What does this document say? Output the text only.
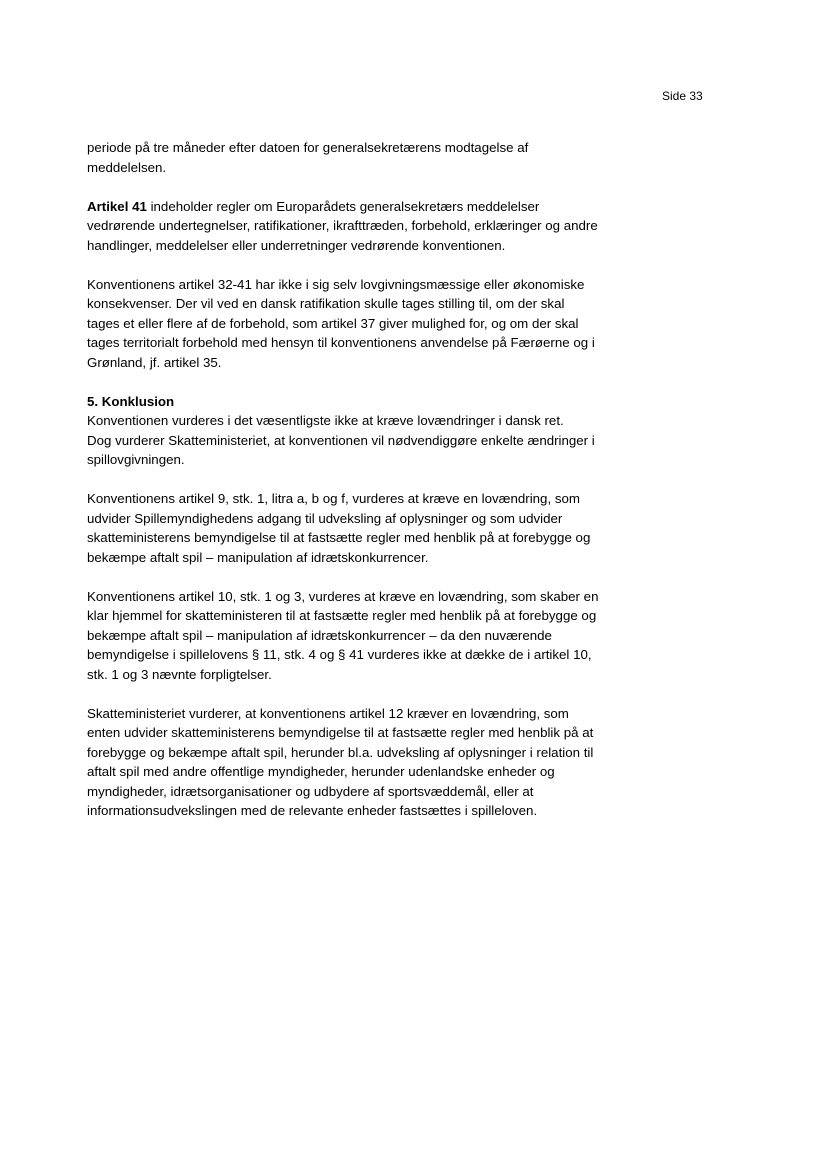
Side 33

periode på tre måneder efter datoen for generalsekretærens modtagelse af
meddelelsen.

Artikel 41 indeholder regler om Europarådets generalsekretærs meddelelser
vedrørende undertegnelser, ratifikationer, ikrafttræden, forbehold, erklæringer og andre
handlinger, meddelelser eller underretninger vedrørende konventionen.

Konventionens artikel 32-41 har ikke i sig selv lovgivningsmæssige eller økonomiske
konsekvenser. Der vil ved en dansk ratifikation skulle tages stilling til, om der skal
tages et eller flere af de forbehold, som artikel 37 giver mulighed for, og om der skal
tages territorialt forbehold med hensyn til konventionens anvendelse på Færøerne og i
Grønland, jf. artikel 35.

5. Konklusion
Konventionen vurderes i det væsentligste ikke at kræve lovændringer i dansk ret.
Dog vurderer Skatteministeriet, at konventionen vil nødvendiggøre enkelte ændringer i
spillovgivningen.

Konventionens artikel 9, stk. 1, litra a, b og f, vurderes at kræve en lovændring, som
udvider Spillemyndighedens adgang til udveksling af oplysninger og som udvider
skatteministerens bemyndigelse til at fastsætte regler med henblik på at forebygge og
bekæmpe aftalt spil – manipulation af idrætskonkurrencer.

Konventionens artikel 10, stk. 1 og 3, vurderes at kræve en lovændring, som skaber en
klar hjemmel for skatteministeren til at fastsætte regler med henblik på at forebygge og
bekæmpe aftalt spil – manipulation af idrætskonkurrencer – da den nuværende
bemyndigelse i spillelovens § 11, stk. 4 og § 41 vurderes ikke at dække de i artikel 10,
stk. 1 og 3 nævnte forpligtelser.

Skatteministeriet vurderer, at konventionens artikel 12 kræver en lovændring, som
enten udvider skatteministerens bemyndigelse til at fastsætte regler med henblik på at
forebygge og bekæmpe aftalt spil, herunder bl.a. udveksling af oplysninger i relation til
aftalt spil med andre offentlige myndigheder, herunder udenlandske enheder og
myndigheder, idrætsorganisationer og udbydere af sportsvæddemål, eller at
informationsudvekslingen med de relevante enheder fastsættes i spilleloven.
